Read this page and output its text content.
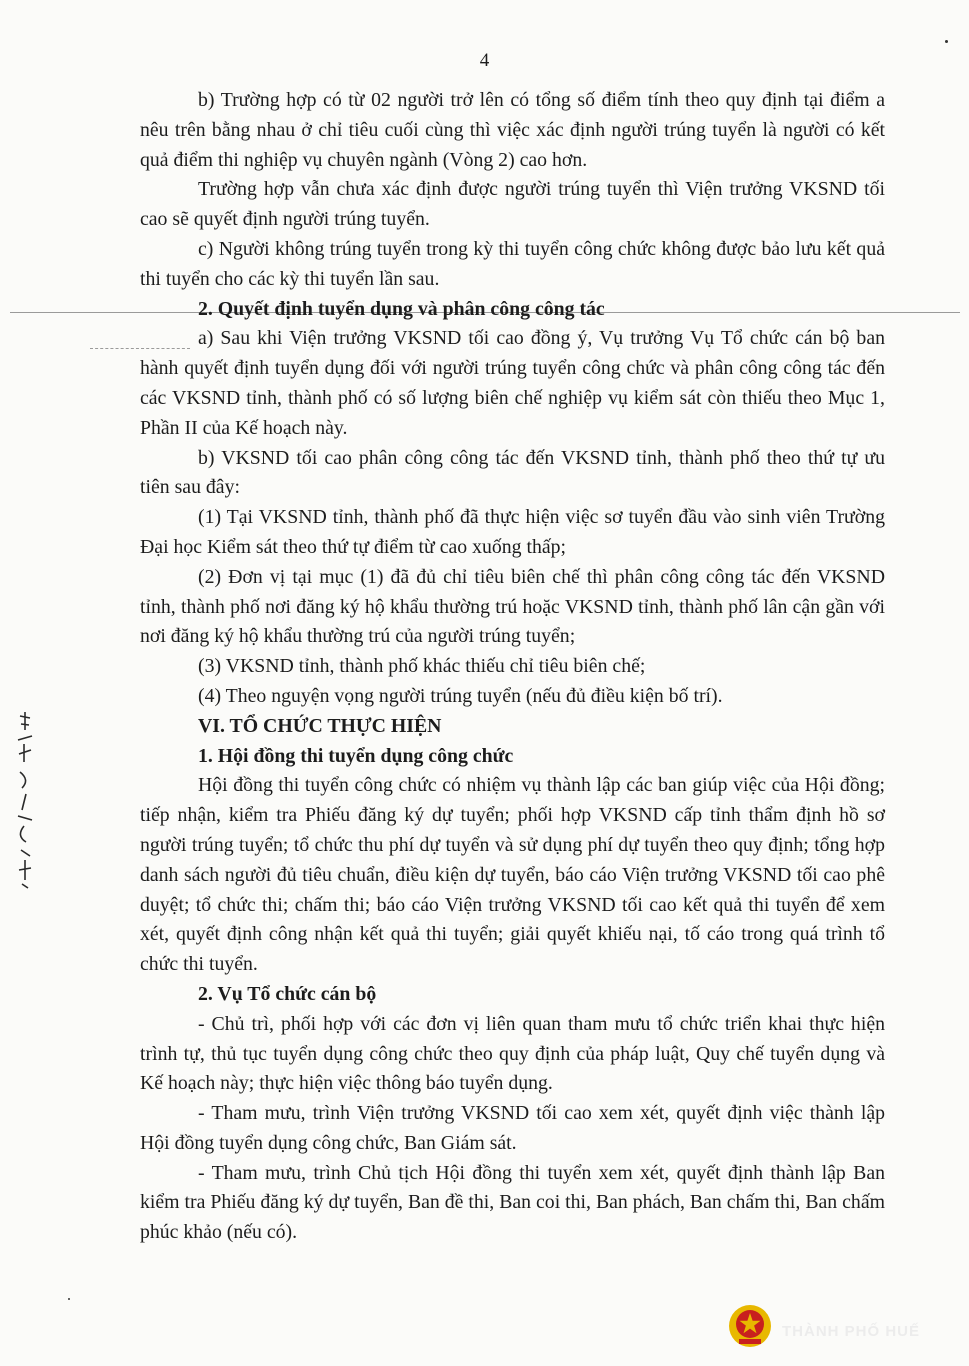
4

b) Trường hợp có từ 02 người trở lên có tổng số điểm tính theo quy định tại điểm a nêu trên bằng nhau ở chỉ tiêu cuối cùng thì việc xác định người trúng tuyển là người có kết quả điểm thi nghiệp vụ chuyên ngành (Vòng 2) cao hơn.

Trường hợp vẫn chưa xác định được người trúng tuyển thì Viện trưởng VKSND tối cao sẽ quyết định người trúng tuyển.

c) Người không trúng tuyển trong kỳ thi tuyển công chức không được bảo lưu kết quả thi tuyển cho các kỳ thi tuyển lần sau.

2. Quyết định tuyển dụng và phân công công tác

a) Sau khi Viện trưởng VKSND tối cao đồng ý, Vụ trưởng Vụ Tổ chức cán bộ ban hành quyết định tuyển dụng đối với người trúng tuyển công chức và phân công công tác đến các VKSND tỉnh, thành phố có số lượng biên chế nghiệp vụ kiểm sát còn thiếu theo Mục 1, Phần II của Kế hoạch này.

b) VKSND tối cao phân công công tác đến VKSND tỉnh, thành phố theo thứ tự ưu tiên sau đây:

(1) Tại VKSND tỉnh, thành phố đã thực hiện việc sơ tuyển đầu vào sinh viên Trường Đại học Kiểm sát theo thứ tự điểm từ cao xuống thấp;

(2) Đơn vị tại mục (1) đã đủ chỉ tiêu biên chế thì phân công công tác đến VKSND tỉnh, thành phố nơi đăng ký hộ khẩu thường trú hoặc VKSND tỉnh, thành phố lân cận gần với nơi đăng ký hộ khẩu thường trú của người trúng tuyển;

(3) VKSND tỉnh, thành phố khác thiếu chỉ tiêu biên chế;

(4) Theo nguyện vọng người trúng tuyển (nếu đủ điều kiện bố trí).

VI. TỔ CHỨC THỰC HIỆN

1. Hội đồng thi tuyển dụng công chức

Hội đồng thi tuyển công chức có nhiệm vụ thành lập các ban giúp việc của Hội đồng; tiếp nhận, kiểm tra Phiếu đăng ký dự tuyển; phối hợp VKSND cấp tỉnh thẩm định hồ sơ người trúng tuyển; tổ chức thu phí dự tuyển và sử dụng phí dự tuyển theo quy định; tổng hợp danh sách người đủ tiêu chuẩn, điều kiện dự tuyển, báo cáo Viện trưởng VKSND tối cao phê duyệt; tổ chức thi; chấm thi; báo cáo Viện trưởng VKSND tối cao kết quả thi tuyển để xem xét, quyết định công nhận kết quả thi tuyển; giải quyết khiếu nại, tố cáo trong quá trình tổ chức thi tuyển.

2. Vụ Tổ chức cán bộ

- Chủ trì, phối hợp với các đơn vị liên quan tham mưu tổ chức triển khai thực hiện trình tự, thủ tục tuyển dụng công chức theo quy định của pháp luật, Quy chế tuyển dụng và Kế hoạch này; thực hiện việc thông báo tuyển dụng.

- Tham mưu, trình Viện trưởng VKSND tối cao xem xét, quyết định việc thành lập Hội đồng tuyển dụng công chức, Ban Giám sát.

- Tham mưu, trình Chủ tịch Hội đồng thi tuyển xem xét, quyết định thành lập Ban kiểm tra Phiếu đăng ký dự tuyển, Ban đề thi, Ban coi thi, Ban phách, Ban chấm thi, Ban chấm phúc khảo (nếu có).

THÀNH PHỐ HUẾ
